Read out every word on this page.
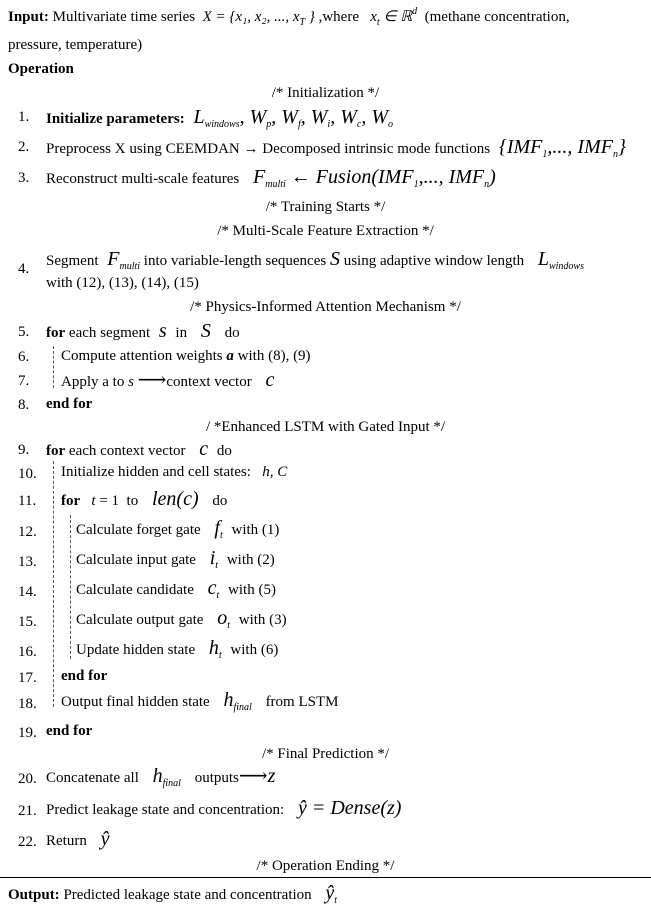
Input: Multivariate time series X = {x₁, x₂, ..., $x_T$ } ,where $x_t$ ∈ ℝ$^d$ (methane concentration,
pressure, temperature)
Operation
/* Initialization */
1. Initialize parameters:  $L_{windows}$, $W_p$, $W_f$, $W_i$, $W_c$, $W_o$
2. Preprocess X using CEEMDAN → Decomposed intrinsic mode functions  {$IMF_1$,..., $IMF_n$}
3. Reconstruct multi-scale features   $F_{multi}$ ← $Fusion(IMF_1$,..., $IMF_n$)
/* Training Starts */
/* Multi-Scale Feature Extraction */
4. Segment  $F_{multi}$ into variable-length sequences S using adaptive window length   $L_{windows}$
with (12), (13), (14), (15)
/* Physics-Informed Attention Mechanism */
5. for each segment  s  in   S   do
6. Compute attention weights a with (8), (9)
7. Apply a to s ⟶context vector   c
8. end for
/ *Enhanced LSTM with Gated Input */
9. for each context vector   c  do
10. Initialize hidden and cell states:   h, C
11. for   t = 1  to   len(c)   do
12.	Calculate forget gate   $f_t$ with (1)
13.	Calculate input gate   $i_t$ with (2)
14.	Calculate candidate   $c_t$ with (5)
15.	Calculate output gate   $o_t$ with (3)
16.	Update hidden state   $h_t$ with (6)
17. end for
18. Output final hidden state   $h_{final}$ from LSTM
19. end for
/* Final Prediction */
20. Concatenate all   $h_{final}$ outputs⟶z
21. Predict leakage state and concentration:   ŷ = Dense(z)
22. Return   ŷ
/* Operation Ending */
Output: Predicted leakage state and concentration   $ŷ_t$
